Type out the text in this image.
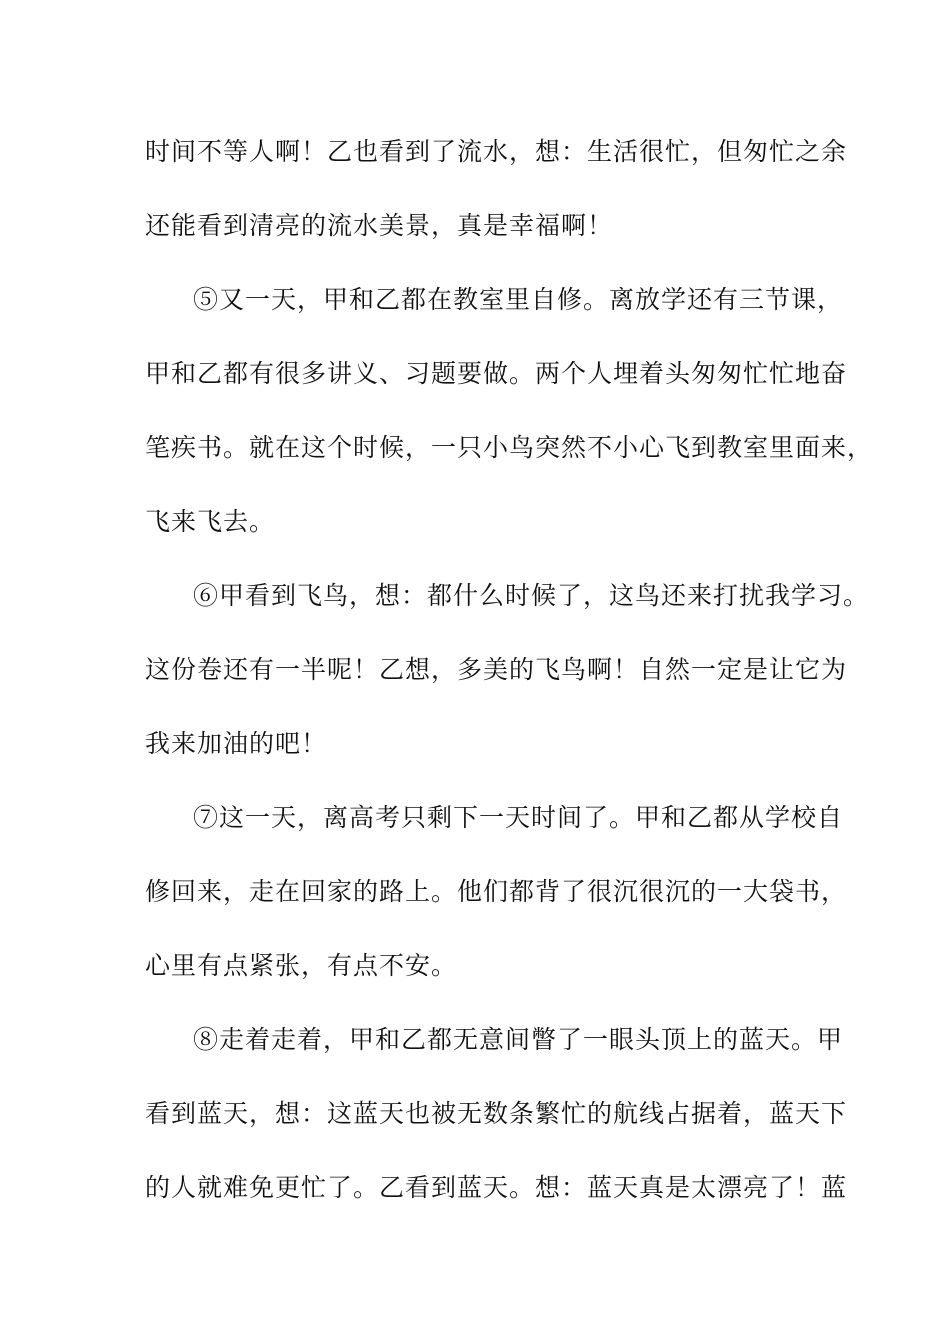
时间不等人啊！乙也看到了流水，想：生活很忙，但匆忙之余
还能看到清亮的流水美景，真是幸福啊！
⑤又一天，甲和乙都在教室里自修。离放学还有三节课，
甲和乙都有很多讲义、习题要做。两个人埋着头匆匆忙忙地奋
笔疾书。就在这个时候，一只小鸟突然不小心飞到教室里面来，
飞来飞去。
⑥甲看到飞鸟，想：都什么时候了，这鸟还来打扰我学习。
这份卷还有一半呢！乙想，多美的飞鸟啊！自然一定是让它为
我来加油的吧！
⑦这一天，离高考只剩下一天时间了。甲和乙都从学校自
修回来，走在回家的路上。他们都背了很沉很沉的一大袋书，
心里有点紧张，有点不安。
⑧走着走着，甲和乙都无意间瞥了一眼头顶上的蓝天。甲
看到蓝天，想：这蓝天也被无数条繁忙的航线占据着，蓝天下
的人就难免更忙了。乙看到蓝天。想：蓝天真是太漂亮了！蓝
